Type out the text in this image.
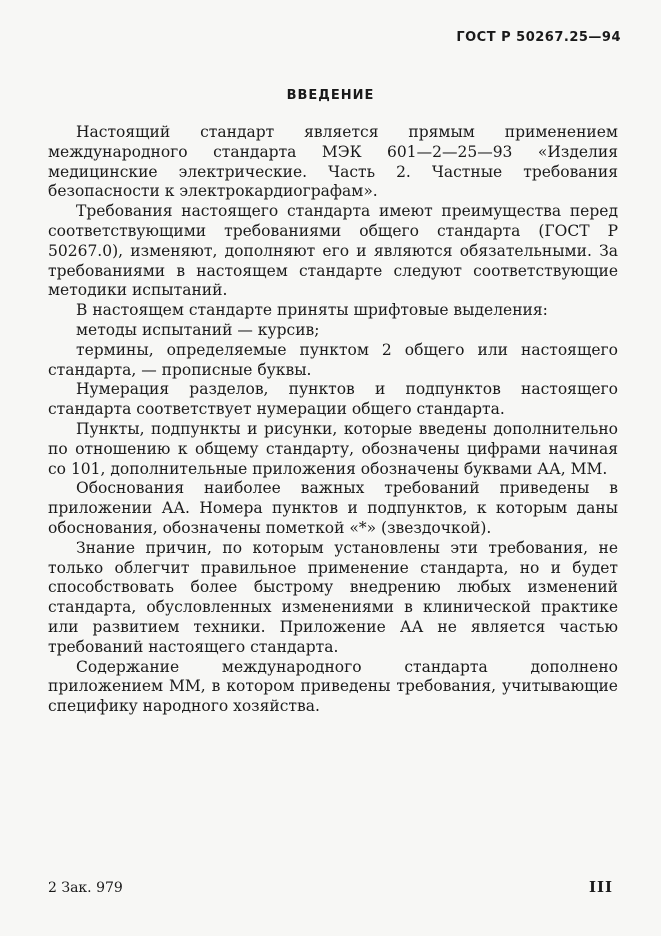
ГОСТ Р 50267.25—94
ВВЕДЕНИЕ

Настоящий стандарт является прямым применением международного стандарта МЭК 601—2—25—93 «Изделия медицинские электрические. Часть 2. Частные требования безопасности к электрокардиографам».

Требования настоящего стандарта имеют преимущества перед соответствующими требованиями общего стандарта (ГОСТ Р 50267.0), изменяют, дополняют его и являются обязательными. За требованиями в настоящем стандарте следуют соответствующие методики испытаний.

В настоящем стандарте приняты шрифтовые выделения:

методы испытаний — курсив;

термины, определяемые пунктом 2 общего или настоящего стандарта, — прописные буквы.

Нумерация разделов, пунктов и подпунктов настоящего стандарта соответствует нумерации общего стандарта.

Пункты, подпункты и рисунки, которые введены дополнительно по отношению к общему стандарту, обозначены цифрами начиная со 101, дополнительные приложения обозначены буквами АА, ММ.

Обоснования наиболее важных требований приведены в приложении АА. Номера пунктов и подпунктов, к которым даны обоснования, обозначены пометкой «*» (звездочкой).

Знание причин, по которым установлены эти требования, не только облегчит правильное применение стандарта, но и будет способствовать более быстрому внедрению любых изменений стандарта, обусловленных изменениями в клинической практике или развитием техники. Приложение АА не является частью требований настоящего стандарта.

Содержание международного стандарта дополнено приложением ММ, в котором приведены требования, учитывающие специфику народного хозяйства.

2 Зак. 979	III
